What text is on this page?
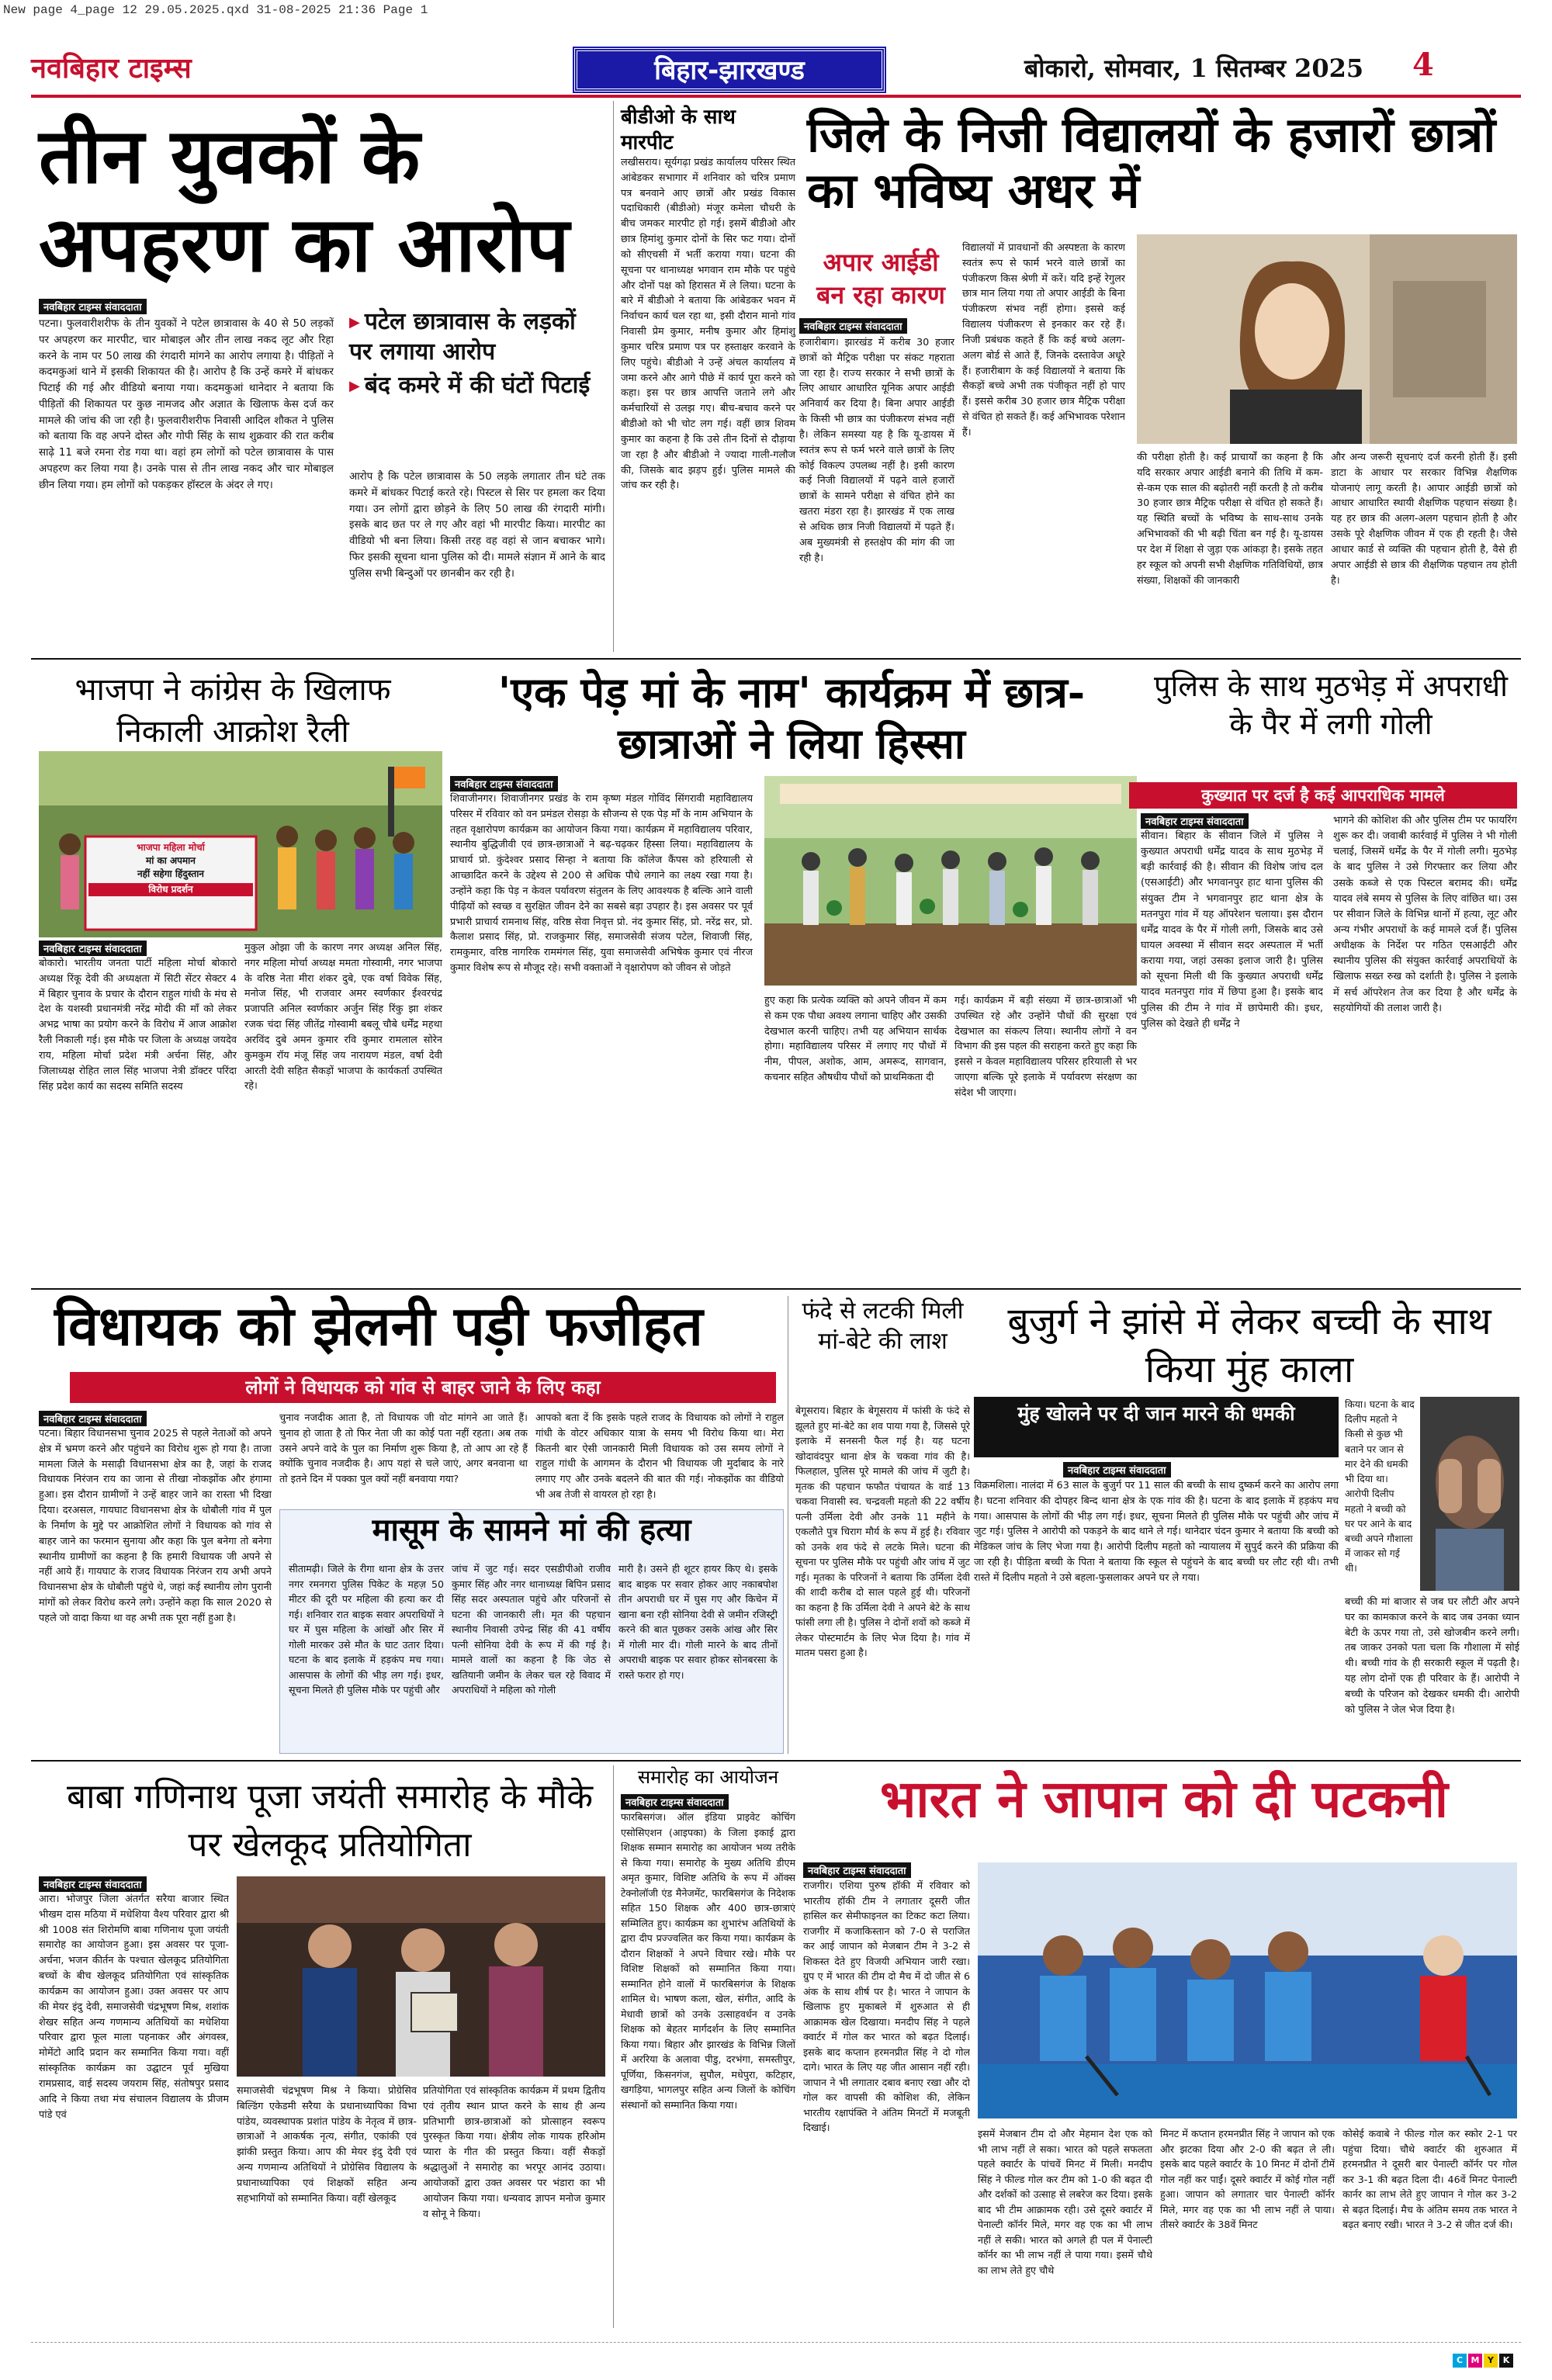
New page 4_page 12 29.05.2025.qxd 31-08-2025 21:36 Page 1
नवबिहार टाइम्स	बिहार-झारखण्ड	बोकारो, सोमवार, 1 सितम्बर 2025 4
तीन युवकों के अपहरण का आरोप
नवबिहार टाइम्स संवाददाता
पटना। फुलवारीशरीफ के तीन युवकों ने पटेल छात्रावास के 40 से 50 लड़कों पर अपहरण कर मारपीट, चार मोबाइल और तीन लाख नकद लूट और रिहा करने के नाम पर 50 लाख की रंगदारी मांगने का आरोप लगाया है। पीड़ितों ने कदमकुआं थाने में इसकी शिकायत की है। आरोप है कि उन्हें कमरे में बांधकर पिटाई की गई और वीडियो बनाया गया। कदमकुआं थानेदार ने बताया कि पीड़ितों की शिकायत पर कुछ नामजद और अज्ञात के खिलाफ केस दर्ज कर मामले की जांच की जा रही है। फुलवारीशरीफ निवासी आदिल शौकत ने पुलिस को बताया कि वह अपने दोस्त और गोपी सिंह के साथ शुक्रवार की रात करीब साढ़े 11 बजे रमना रोड गया था। वहां हम लोगों को पटेल छात्रावास के पास अपहरण कर लिया गया है। उनके पास से तीन लाख नकद और चार मोबाइल छीन लिया गया। हम लोगों को पकड़कर हॉस्टल के अंदर ले गए।
▶ पटेल छात्रावास के लड़कों पर लगाया आरोप
▶ बंद कमरे में की घंटों पिटाई
आरोप है कि पटेल छात्रावास के 50 लड़के लगातार तीन घंटे तक कमरे में बांधकर पिटाई करते रहे। पिस्टल से सिर पर हमला कर दिया गया। उन लोगों द्वारा छोड़ने के लिए 50 लाख की रंगदारी मांगी। इसके बाद छत पर ले गए और वहां भी मारपीट किया। मारपीट का वीडियो भी बना लिया। किसी तरह वह वहां से जान बचाकर भागे। फिर इसकी सूचना थाना पुलिस को दी। मामले संज्ञान में आने के बाद पुलिस सभी बिन्दुओं पर छानबीन कर रही है।
बीडीओ के साथ मारपीट
लखीसराय। सूर्यगढ़ा प्रखंड कार्यालय परिसर स्थित आंबेडकर सभागार में शनिवार को चरित्र प्रमाण पत्र बनवाने आए छात्रों और प्रखंड विकास पदाधिकारी (बीडीओ) मंजूर कमेला चौधरी के बीच जमकर मारपीट हो गई। इसमें बीडीओ और छात्र हिमांशु कुमार दोनों के सिर फट गया। दोनों को सीएचसी में भर्ती कराया गया। घटना की सूचना पर थानाध्यक्ष भगवान राम मौके पर पहुंचे और दोनों पक्ष को हिरासत में ले लिया। घटना के बारे में बीडीओ ने बताया कि आंबेडकर भवन में निर्वाचन कार्य चल रहा था, इसी दौरान मानो गांव निवासी प्रेम कुमार, मनीष कुमार और हिमांशु कुमार चरित्र प्रमाण पत्र पर हस्ताक्षर करवाने के लिए पहुंचे। बीडीओ ने उन्हें अंचल कार्यालय में जमा करने और आगे पीछे में कार्य पूरा करने को कहा। इस पर छात्र आपत्ति जताने लगे और कर्मचारियों से उलझ गए। बीच-बचाव करने पर बीडीओ को भी चोट लग गई। वहीं छात्र शिवम कुमार का कहना है कि उसे तीन दिनों से दौड़ाया जा रहा है और बीडीओ ने ज्यादा गाली-गलौज की, जिसके बाद झड़प हुई। पुलिस मामले की जांच कर रही है।
जिले के निजी विद्यालयों के हजारों छात्रों का भविष्य अधर में
अपार आईडी बन रहा कारण
नवबिहार टाइम्स संवाददाता
हजारीबाग। झारखंड में करीब 30 हजार छात्रों को मैट्रिक परीक्षा पर संकट गहराता जा रहा है। राज्य सरकार ने सभी छात्रों के लिए आधार आधारित यूनिक अपार आईडी अनिवार्य कर दिया है। बिना अपार आईडी के किसी भी छात्र का पंजीकरण संभव नहीं है। लेकिन समस्या यह है कि यू-डायस में स्वतंत्र रूप से फर्म भरने वाले छात्रों के लिए कोई विकल्प उपलब्ध नहीं है। इसी कारण कई निजी विद्यालयों में पढ़ने वाले हजारों छात्रों के सामने परीक्षा से वंचित होने का खतरा मंडरा रहा है। झारखंड में एक लाख से अधिक छात्र निजी विद्यालयों में पढ़ते हैं। अब मुख्यमंत्री से हस्तक्षेप की मांग की जा रही है।
विद्यालयों में प्रावधानों की अस्पष्टता के कारण स्वतंत्र रूप से फार्म भरने वाले छात्रों का पंजीकरण किस श्रेणी में करें। यदि इन्हें रेगुलर छात्र मान लिया गया तो अपार आईडी के बिना पंजीकरण संभव नहीं होगा। इससे कई विद्यालय पंजीकरण से इनकार कर रहे हैं। निजी प्रबंधक कहते हैं कि कई बच्चे अलग-अलग बोर्ड से आते हैं, जिनके दस्तावेज अधूरे हैं। हजारीबाग के कई विद्यालयों ने बताया कि सैकड़ों बच्चे अभी तक पंजीकृत नहीं हो पाए हैं। इससे करीब 30 हजार छात्र मैट्रिक परीक्षा से वंचित हो सकते हैं। कई अभिभावक परेशान हैं।
की परीक्षा होती है। कई प्राचार्यों का कहना है कि यदि सरकार अपार आईडी बनाने की तिथि में कम-से-कम एक साल की बढ़ोतरी नहीं करती है तो करीब 30 हजार छात्र मैट्रिक परीक्षा से वंचित हो सकते हैं। यह स्थिति बच्चों के भविष्य के साथ-साथ उनके अभिभावकों की भी बढ़ी चिंता बन गई है। यू-डायस पर देश में शिक्षा से जुड़ा एक आंकड़ा है। इसके तहत हर स्कूल को अपनी सभी शैक्षणिक गतिविधियों, छात्र संख्या, शिक्षकों की जानकारी
और अन्य जरूरी सूचनाएं दर्ज करनी होती हैं। इसी डाटा के आधार पर सरकार विभिन्न शैक्षणिक योजनाएं लागू करती है। आपार आईडी छात्रों को आधार आधारित स्थायी शैक्षणिक पहचान संख्या है। यह हर छात्र की अलग-अलग पहचान होती है और उसके पूरे शैक्षणिक जीवन में एक ही रहती है। जैसे आधार कार्ड से व्यक्ति की पहचान होती है, वैसे ही अपार आईडी से छात्र की शैक्षणिक पहचान तय होती है।
भाजपा ने कांग्रेस के खिलाफ निकाली आक्रोश रैली
भाजपा महिला मोर्चा
मां का अपमान
नहीं सहेगा हिंदुस्तान
विरोध प्रदर्शन
नवबिहार टाइम्स संवाददाता
बोकारो। भारतीय जनता पार्टी महिला मोर्चा बोकारो अध्यक्ष रिंकू देवी की अध्यक्षता में सिटी सेंटर सेक्टर 4 में बिहार चुनाव के प्रचार के दौरान राहुल गांधी के मंच से देश के यशस्वी प्रधानमंत्री नरेंद्र मोदी की माँ को लेकर अभद्र भाषा का प्रयोग करने के विरोध में आज आक्रोश रैली निकाली गई। इस मौके पर जिला के अध्यक्ष जयदेव राय, महिला मोर्चा प्रदेश मंत्री अर्चना सिंह, और जिलाध्यक्ष रोहित लाल सिंह भाजपा नेत्री डॉक्टर परिंदा सिंह प्रदेश कार्य का सदस्य समिति सदस्य
मुकुल ओझा जी के कारण नगर अध्यक्ष अनिल सिंह, नगर महिला मोर्चा अध्यक्ष ममता गोस्वामी, नगर भाजपा के वरिष्ठ नेता मीरा शंकर दुबे, एक वर्षा विवेक सिंह, मनोज सिंह, भी राजवार अमर स्वर्णकार ईश्वरचंद्र प्रजापति अनिल स्वर्णकार अर्जुन सिंह रिंकु झा शंकर रजक चंदा सिंह जीतेंद्र गोस्वामी बबलू चौबे धर्मेंद्र महथा अरविंद दुबे अमन कुमार रवि कुमार रामलाल सोरेन कुमकुम रॉय मंजू सिंह जय नारायण मंडल, वर्षा देवी आरती देवी सहित सैकड़ों भाजपा के कार्यकर्ता उपस्थित रहे।
'एक पेड़ मां के नाम' कार्यक्रम में छात्र-छात्राओं ने लिया हिस्सा
नवबिहार टाइम्स संवाददाता
शिवाजीनगर। शिवाजीनगर प्रखंड के राम कृष्ण मंडल गोविंद सिंगरावी महाविद्यालय परिसर में रविवार को वन प्रमंडल रोसड़ा के सौजन्य से एक पेड़ माँ के नाम अभियान के तहत वृक्षारोपण कार्यक्रम का आयोजन किया गया। कार्यक्रम में महाविद्यालय परिवार, स्थानीय बुद्धिजीवी एवं छात्र-छात्राओं ने बढ़-चढ़कर हिस्सा लिया। महाविद्यालय के प्राचार्य प्रो. कुंदेश्वर प्रसाद सिन्हा ने बताया कि कॉलेज कैंपस को हरियाली से आच्छादित करने के उद्देश्य से 200 से अधिक पौधे लगाने का लक्ष्य रखा गया है। उन्होंने कहा कि पेड़ न केवल पर्यावरण संतुलन के लिए आवश्यक है बल्कि आने वाली पीढ़ियों को स्वच्छ व सुरक्षित जीवन देने का सबसे बड़ा उपहार है। इस अवसर पर पूर्व प्रभारी प्राचार्य रामनाथ सिंह, वरिष्ठ सेवा निवृत्त प्रो. नंद कुमार सिंह, प्रो. नरेंद्र सर, प्रो. कैलाश प्रसाद सिंह, प्रो. राजकुमार सिंह, समाजसेवी संजय पटेल, शिवाजी सिंह, रामकुमार, वरिष्ठ नागरिक राममंगल सिंह, युवा समाजसेवी अभिषेक कुमार एवं नीरज कुमार विशेष रूप से मौजूद रहे। सभी वक्ताओं ने वृक्षारोपण को जीवन से जोड़ते
हुए कहा कि प्रत्येक व्यक्ति को अपने जीवन में कम से कम एक पौधा अवश्य लगाना चाहिए और उसकी देखभाल करनी चाहिए। तभी यह अभियान सार्थक होगा। महाविद्यालय परिसर में लगाए गए पौधों में नीम, पीपल, अशोक, आम, अमरूद, सागवान, कचनार सहित औषधीय पौधों को प्राथमिकता दी
गई। कार्यक्रम में बड़ी संख्या में छात्र-छात्राओं भी उपस्थित रहे और उन्होंने पौधों की सुरक्षा एवं देखभाल का संकल्प लिया। स्थानीय लोगों ने वन विभाग की इस पहल की सराहना करते हुए कहा कि इससे न केवल महाविद्यालय परिसर हरियाली से भर जाएगा बल्कि पूरे इलाके में पर्यावरण संरक्षण का संदेश भी जाएगा।
पुलिस के साथ मुठभेड़ में अपराधी के पैर में लगी गोली
कुख्यात पर दर्ज है कई आपराधिक मामले
नवबिहार टाइम्स संवाददाता
सीवान। बिहार के सीवान जिले में पुलिस ने कुख्यात अपराधी धर्मेंद्र यादव के साथ मुठभेड़ में बड़ी कार्रवाई की है। सीवान की विशेष जांच दल (एसआईटी) और भगवानपुर हाट थाना पुलिस की संयुक्त टीम ने भगवानपुर हाट थाना क्षेत्र के मतनपुरा गांव में यह ऑपरेशन चलाया। इस दौरान धर्मेंद्र यादव के पैर में गोली लगी, जिसके बाद उसे घायल अवस्था में सीवान सदर अस्पताल में भर्ती कराया गया, जहां उसका इलाज जारी है। पुलिस को सूचना मिली थी कि कुख्यात अपराधी धर्मेंद्र यादव मतनपुरा गांव में छिपा हुआ है। इसके बाद पुलिस की टीम ने गांव में छापेमारी की। इधर, पुलिस को देखते ही धर्मेंद्र ने
भागने की कोशिश की और पुलिस टीम पर फायरिंग शुरू कर दी। जवाबी कार्रवाई में पुलिस ने भी गोली चलाई, जिसमें धर्मेंद्र के पैर में गोली लगी। मुठभेड़ के बाद पुलिस ने उसे गिरफ्तार कर लिया और उसके कब्जे से एक पिस्टल बरामद की। धर्मेंद्र यादव लंबे समय से पुलिस के लिए वांछित था। उस पर सीवान जिले के विभिन्न थानों में हत्या, लूट और अन्य गंभीर अपराधों के कई मामले दर्ज हैं। पुलिस अधीक्षक के निर्देश पर गठित एसआईटी और स्थानीय पुलिस की संयुक्त कार्रवाई अपराधियों के खिलाफ सख्त रुख को दर्शाती है। पुलिस ने इलाके में सर्च ऑपरेशन तेज कर दिया है और धर्मेंद्र के सहयोगियों की तलाश जारी है।
विधायक को झेलनी पड़ी फजीहत
लोगों ने विधायक को गांव से बाहर जाने के लिए कहा
नवबिहार टाइम्स संवाददाता
पटना। बिहार विधानसभा चुनाव 2025 से पहले नेताओं को अपने क्षेत्र में भ्रमण करने और पहुंचने का विरोध शुरू हो गया है। ताजा मामला जिले के मसाढ़ी विधानसभा क्षेत्र का है, जहां के राजद विधायक निरंजन राय का जाना से तीखा नोकझोंक और हंगामा हुआ। इस दौरान ग्रामीणों ने उन्हें बाहर जाने का रास्ता भी दिखा दिया। दरअसल, गायघाट विधानसभा क्षेत्र के धोबौली गांव में पुल के निर्माण के मुद्दे पर आक्रोशित लोगों ने विधायक को गांव से बाहर जाने का फरमान सुनाया और कहा कि पुल बनेगा तो बनेगा स्थानीय ग्रामीणों का कहना है कि हमारी विधायक जी अपने से नहीं आये हैं। गायघाट के राजद विधायक निरंजन राय अभी अपने विधानसभा क्षेत्र के धोबौली पहुंचे थे, जहां कई स्थानीय लोग पुरानी मांगों को लेकर विरोध करने लगे। उन्होंने कहा कि साल 2020 से पहले जो वादा किया था वह अभी तक पूरा नहीं हुआ है।
चुनाव नजदीक आता है, तो विधायक जी वोट मांगने आ जाते हैं। चुनाव हो जाता है तो फिर नेता जी का कोई पता नहीं रहता। अब तक उसने अपने वादे के पुल का निर्माण शुरू किया है, तो आप आ रहे हैं क्योंकि चुनाव नजदीक है। आप यहां से चले जाएं, अगर बनवाना था तो इतने दिन में पक्का पुल क्यों नहीं बनवाया गया?
आपको बता दें कि इसके पहले राजद के विधायक को लोगों ने राहुल गांधी के वोटर अधिकार यात्रा के समय भी विरोध किया था। मेरा कितनी बार ऐसी जानकारी मिली विधायक को उस समय लोगों ने राहुल गांधी के आगमन के दौरान भी विधायक जी मुर्दाबाद के नारे लगाए गए और उनके बदलने की बात की गई। नोकझोंक का वीडियो भी अब तेजी से वायरल हो रहा है।
मासूम के सामने मां की हत्या
सीतामढ़ी। जिले के रीगा थाना क्षेत्र के उत्तर नगर रमनगरा पुलिस पिकेट के महज़ 50 मीटर की दूरी पर महिला की हत्या कर दी गई। शनिवार रात बाइक सवार अपराधियों ने घर में घुस महिला के आंखों और सिर में गोली मारकर उसे मौत के घाट उतार दिया। घटना के बाद इलाके में हड़कंप मच गया। आसपास के लोगों की भीड़ लग गई। इधर, सूचना मिलते ही पुलिस मौके पर पहुंची और
जांच में जुट गई। सदर एसडीपीओ राजीव कुमार सिंह और नगर थानाध्यक्ष बिपिन प्रसाद सिंह सदर अस्पताल पहुंचे और परिजनों से घटना की जानकारी ली। मृत की पहचान स्थानीय निवासी उपेन्द्र सिंह की 41 वर्षीय पत्नी सोनिया देवी के रूप में की गई है। मामले वालों का कहना है कि जेठ से खतियानी जमीन के लेकर चल रहे विवाद में अपराधियों ने महिला को गोली
मारी है। उसने ही शूटर हायर किए थे। इसके बाद बाइक पर सवार होकर आए नकाबपोश तीन अपराधी घर में घुस गए और किचेन में खाना बना रही सोनिया देवी से जमीन रजिस्ट्री करने की बात पूछकर उसके आंख और सिर में गोली मार दी। गोली मारने के बाद तीनों अपराधी बाइक पर सवार होकर सोनबरसा के रास्ते फरार हो गए।
फंदे से लटकी मिली मां-बेटे की लाश
बेगूसराय। बिहार के बेगूसराय में फांसी के फंदे से झूलते हुए मां-बेटे का शव पाया गया है, जिससे पूरे इलाके में सनसनी फैल गई है। यह घटना खोदावंदपुर थाना क्षेत्र के चकवा गांव की है। फिलहाल, पुलिस पूरे मामले की जांच में जुटी है। मृतक की पहचान फफौत पंचायत के वार्ड 13 चकवा निवासी स्व. चन्द्रवली महतो की 22 वर्षीय पत्नी उर्मिला देवी और उनके 11 महीने के एकलौते पुत्र चिराग मौर्य के रूप में हुई है। रविवार को उनके शव फंदे से लटके मिले। घटना की सूचना पर पुलिस मौके पर पहुंची और जांच में जुट गई। मृतका के परिजनों ने बताया कि उर्मिला देवी की शादी करीब दो साल पहले हुई थी। परिजनों का कहना है कि उर्मिला देवी ने अपने बेटे के साथ फांसी लगा ली है। पुलिस ने दोनों शवों को कब्जे में लेकर पोस्टमार्टम के लिए भेज दिया है। गांव में मातम पसरा हुआ है।
बुजुर्ग ने झांसे में लेकर बच्ची के साथ किया मुंह काला
मुंह खोलने पर दी जान मारने की धमकी
नवबिहार टाइम्स संवाददाता
विक्रमशिला। नालंदा में 63 साल के बुजुर्ग पर 11 साल की बच्ची के साथ दुष्कर्म करने का आरोप लगा है। घटना शनिवार की दोपहर बिन्द थाना क्षेत्र के एक गांव की है। घटना के बाद इलाके में हड़कंप मच गया। आसपास के लोगों की भीड़ लग गई। इधर, सूचना मिलते ही पुलिस मौके पर पहुंची और जांच में जुट गई। पुलिस ने आरोपी को पकड़ने के बाद थाने ले गई। थानेदार चंदन कुमार ने बताया कि बच्ची को मेडिकल जांच के लिए भेजा गया है। आरोपी दिलीप महतो को न्यायालय में सुपुर्द करने की प्रक्रिया की जा रही है। पीड़िता बच्ची के पिता ने बताया कि स्कूल से पहुंचने के बाद बच्ची घर लौट रही थी। तभी रास्ते में दिलीप महतो ने उसे बहला-फुसलाकर अपने घर ले गया।
किया। घटना के बाद दिलीप महतो ने किसी से कुछ भी बताने पर जान से मार देने की धमकी भी दिया था। आरोपी दिलीप महतो ने बच्ची को घर पर आने के बाद बच्ची अपने गौशाला में जाकर सो गई थी।
बच्ची की मां बाजार से जब घर लौटी और अपने घर का कामकाज करने के बाद जब उनका ध्यान बेटी के ऊपर गया तो, उसे खोजबीन करने लगी। तब जाकर उनको पता चला कि गौशाला में सोई थी। बच्ची गांव के ही सरकारी स्कूल में पढ़ती है। यह लोग दोनों एक ही परिवार के हैं। आरोपी ने बच्ची के परिजन को देखकर धमकी दी। आरोपी को पुलिस ने जेल भेज दिया है।
बाबा गणिनाथ पूजा जयंती समारोह के मौके पर खेलकूद प्रतियोगिता
नवबिहार टाइम्स संवाददाता
आरा। भोजपुर जिला अंतर्गत सरैया बाजार स्थित भीखम दास मठिया में मधेशिया वैश्य परिवार द्वारा श्री श्री 1008 संत शिरोमणि बाबा गणिनाथ पूजा जयंती समारोह का आयोजन हुआ। इस अवसर पर पूजा-अर्चना, भजन कीर्तन के पश्चात खेलकूद प्रतियोगिता बच्चों के बीच खेलकूद प्रतियोगिता एवं सांस्कृतिक कार्यक्रम का आयोजन हुआ। उक्त अवसर पर आप की मेयर इंदु देवी, समाजसेवी चंद्रभूषण मिश्र, शशांक शेखर सहित अन्य गणमान्य अतिथियों का मधेशिया परिवार द्वारा फूल माला पहनाकर और अंगवस्त्र, मोमेंटो आदि प्रदान कर सम्मानित किया गया। वहीं सांस्कृतिक कार्यक्रम का उद्घाटन पूर्व मुखिया रामप्रसाद, वाई सदस्य जयराम सिंह, संतोषपुर प्रसाद आदि ने किया तथा मंच संचालन विद्यालय के प्रीजम पांडे एवं
समाजसेवी चंद्रभूषण मिश्र ने किया। प्रोग्रेसिव बिल्डिंग एकेडमी सरैया के प्रधानाध्यापिका विभा पांडेय, व्यवस्थापक प्रशांत पांडेय के नेतृत्व में छात्र-छात्राओं ने आकर्षक नृत्य, संगीत, एकांकी एवं झांकी प्रस्तुत किया। आप की मेयर इंदु देवी एवं अन्य गणमान्य अतिथियों ने प्रोग्रेसिव विद्यालय के प्रधानाध्यापिका एवं शिक्षकों सहित अन्य सहभागियों को सम्मानित किया। वहीं खेलकूद
प्रतियोगिता एवं सांस्कृतिक कार्यक्रम में प्रथम द्वितीय एवं तृतीय स्थान प्राप्त करने के साथ ही अन्य प्रतिभागी छात्र-छात्राओं को प्रोत्साहन स्वरूप पुरस्कृत किया गया। क्षेत्रीय लोक गायक हरिओम प्यारा के गीत की प्रस्तुत किया। वहीं सैकड़ों श्रद्धालुओं ने समारोह का भरपूर आनंद उठाया। आयोजकों द्वारा उक्त अवसर पर भंडारा का भी आयोजन किया गया। धन्यवाद ज्ञापन मनोज कुमार व सोनू ने किया।
समारोह का आयोजन
नवबिहार टाइम्स संवाददाता
फारबिसगंज। ऑल इंडिया प्राइवेट कोचिंग एसोसिएशन (आइपका) के जिला इकाई द्वारा शिक्षक सम्मान समारोह का आयोजन भव्य तरीके से किया गया। समारोह के मुख्य अतिथि डीएम अमृत कुमार, विशिष्ट अतिथि के रूप में ऑक्स टेक्नोलॉजी एंड मैनेजमेंट, फारबिसगंज के निदेशक सहित 150 शिक्षक और 400 छात्र-छात्राएं सम्मिलित हुए। कार्यक्रम का शुभारंभ अतिथियों के द्वारा दीप प्रज्ज्वलित कर किया गया। कार्यक्रम के दौरान शिक्षकों ने अपने विचार रखे। मौके पर विशिष्ट शिक्षकों को सम्मानित किया गया। सम्मानित होने वालों में फारबिसगंज के शिक्षक शामिल थे। भाषण कला, खेल, संगीत, आदि के मेधावी छात्रों को उनके उत्साहवर्धन व उनके शिक्षक को बेहतर मार्गदर्शन के लिए सम्मानित किया गया। बिहार और झारखंड के विभिन्न जिलों में अररिया के अलावा पीडु, दरभंगा, समस्तीपुर, पूर्णिया, किसनगंज, सुपौल, मधेपुरा, कटिहार, खगड़िया, भागलपुर सहित अन्य जिलों के कोचिंग संस्थानों को सम्मानित किया गया।
भारत ने जापान को दी पटकनी
नवबिहार टाइम्स संवाददाता
राजगीर। एशिया पुरुष हॉकी में रविवार को भारतीय हॉकी टीम ने लगातार दूसरी जीत हासिल कर सेमीफाइनल का टिकट कटा लिया। राजगीर में कजाकिस्तान को 7-0 से पराजित कर आई जापान को मेजबान टीम ने 3-2 से शिकस्त देते हुए विजयी अभियान जारी रखा। ग्रुप ए में भारत की टीम दो मैच में दो जीत से 6 अंक के साथ शीर्ष पर है। भारत ने जापान के खिलाफ हुए मुकाबले में शुरुआत से ही आक्रामक खेल दिखाया। मनदीप सिंह ने पहले क्वार्टर में गोल कर भारत को बढ़त दिलाई। इसके बाद कप्तान हरमनप्रीत सिंह ने दो गोल दागे। भारत के लिए यह जीत आसान नहीं रही। जापान ने भी लगातार दबाव बनाए रखा और दो गोल कर वापसी की कोशिश की, लेकिन भारतीय रक्षापंक्ति ने अंतिम मिनटों में मजबूती दिखाई।
इसमें मेजबान टीम दो और मेहमान देश एक को भी लाभ नहीं ले सका। भारत को पहले सफलता पहले क्वार्टर के पांचवें मिनट में मिली। मनदीप सिंह ने फील्ड गोल कर टीम को 1-0 की बढ़त दी और दर्शकों को उत्साह से लबरेज कर दिया। इसके बाद भी टीम आक्रामक रही। उसे दूसरे क्वार्टर में पेनाल्टी कॉर्नर मिले, मगर वह एक का भी लाभ नहीं ले सकी। भारत को अगले ही पल में पेनाल्टी कॉर्नर का भी लाभ नहीं ले पाया गया। इसमें चौथे का लाभ लेते हुए चौथे
मिनट में कप्तान हरमनप्रीत सिंह ने जापान को एक और झटका दिया और 2-0 की बढ़त ले ली। इसके बाद पहले क्वार्टर के 10 मिनट में दोनों टीमें गोल नहीं कर पाईं। दूसरे क्वार्टर में कोई गोल नहीं हुआ। जापान को लगातार चार पेनाल्टी कॉर्नर मिले, मगर वह एक का भी लाभ नहीं ले पाया। तीसरे क्वार्टर के 38वें मिनट
कोसेई कवाबे ने फील्ड गोल कर स्कोर 2-1 पर पहुंचा दिया। चौथे क्वार्टर की शुरुआत में हरमनप्रीत ने दूसरी बार पेनाल्टी कॉर्नर पर गोल कर 3-1 की बढ़त दिला दी। 46वें मिनट पेनाल्टी कार्नर का लाभ लेते हुए जापान ने गोल कर 3-2 से बढ़त दिलाई। मैच के अंतिम समय तक भारत ने बढ़त बनाए रखी। भारत ने 3-2 से जीत दर्ज की।
C M Y K
